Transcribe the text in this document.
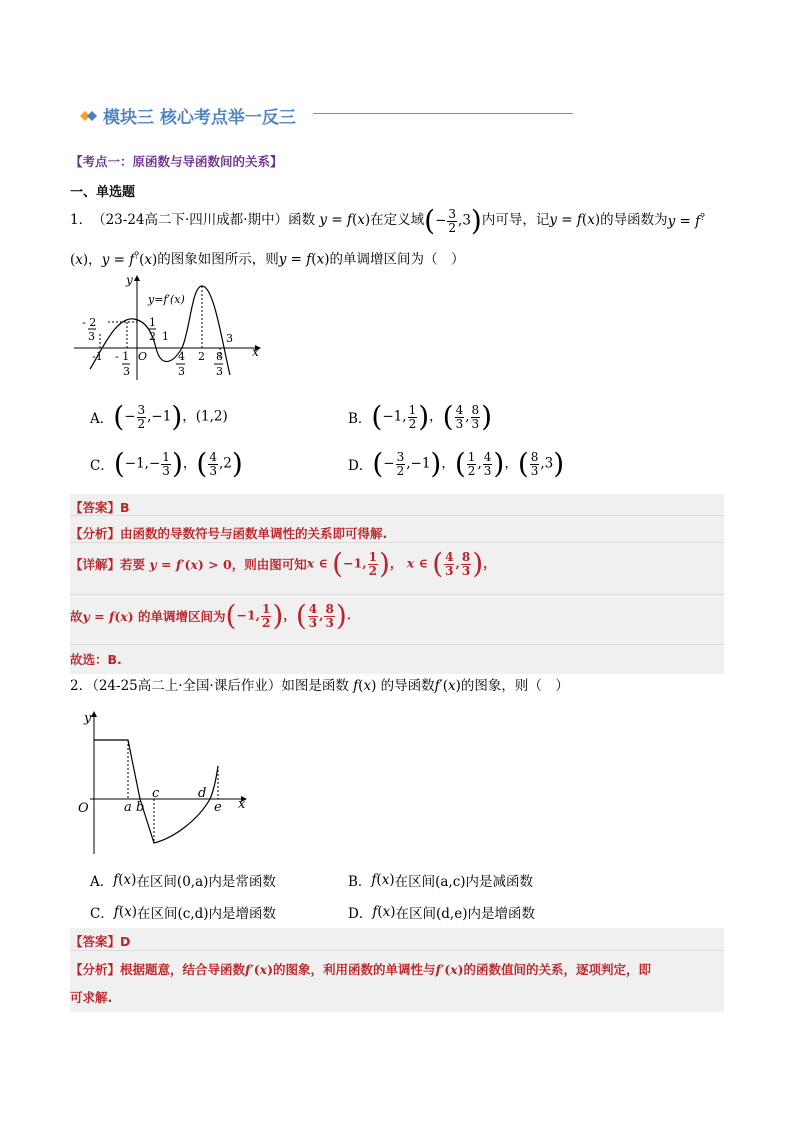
模块三 核心考点举一反三
【考点一：原函数与导函数间的关系】
一、单选题
1． （23-24高二下·四川成都·期中） 函数 y = f(x) 在定义域 (− $\frac{3}{2} ,3$) 内可导，记 y = f(x) 的导函数为 y = f?
(x)，y = f?(x)的图象如图所示，则y = f(x)的单调增区间为（　）
y
x
y=f′(x)
- 2
3
1
2 1	3
-1 - 1
3
O	4
3
2 8
3
A． (− $\frac{3}{2} ,-1$)，(1,2)	B． (−1, $\frac{1}{2}$ )，( $\frac{4}{3}$ , $\frac{8}{3}$ )
C． ($-1,- \frac{1}{3}$ )，( $\frac{4}{3} ,2$)	D． (− $\frac{3}{2} ,-1$)，( $\frac{1}{2}$ , $\frac{4}{3}$ )，( $\frac{8}{3} ,3$)
【答案】 B
【分析】 由函数的导数符号与函数单调性的关系即可得解.
【详解】 若要 y = f′(x) > 0 ，则由图可知 x ∈ (−1, $\frac{1}{2}$ )， x ∈ ( $\frac{4}{3}$ , $\frac{8}{3}$ )，
故 y = f(x) 的单调增区间为 (−1, $\frac{1}{2}$ )，( $\frac{4}{3}$ , $\frac{8}{3}$ ).
故选：B.
2．（24-25高二上·全国·课后作业）如图是函数 f(x) 的导函数f′(x)的图象，则（　）
y
x
O	a b
c	d
e
A． f(x) 在区间(0,a)内是常函数	B． f(x) 在区间(a,c)内是减函数
C． f(x) 在区间(c,d)内是增函数	D． f(x) 在区间(d,e)内是增函数
【答案】 D
【分析】 根据题意，结合导函数 f′(x) 的图象，利用函数的单调性与 f′(x) 的函数值间的关系，逐项判定，即
可求解.
